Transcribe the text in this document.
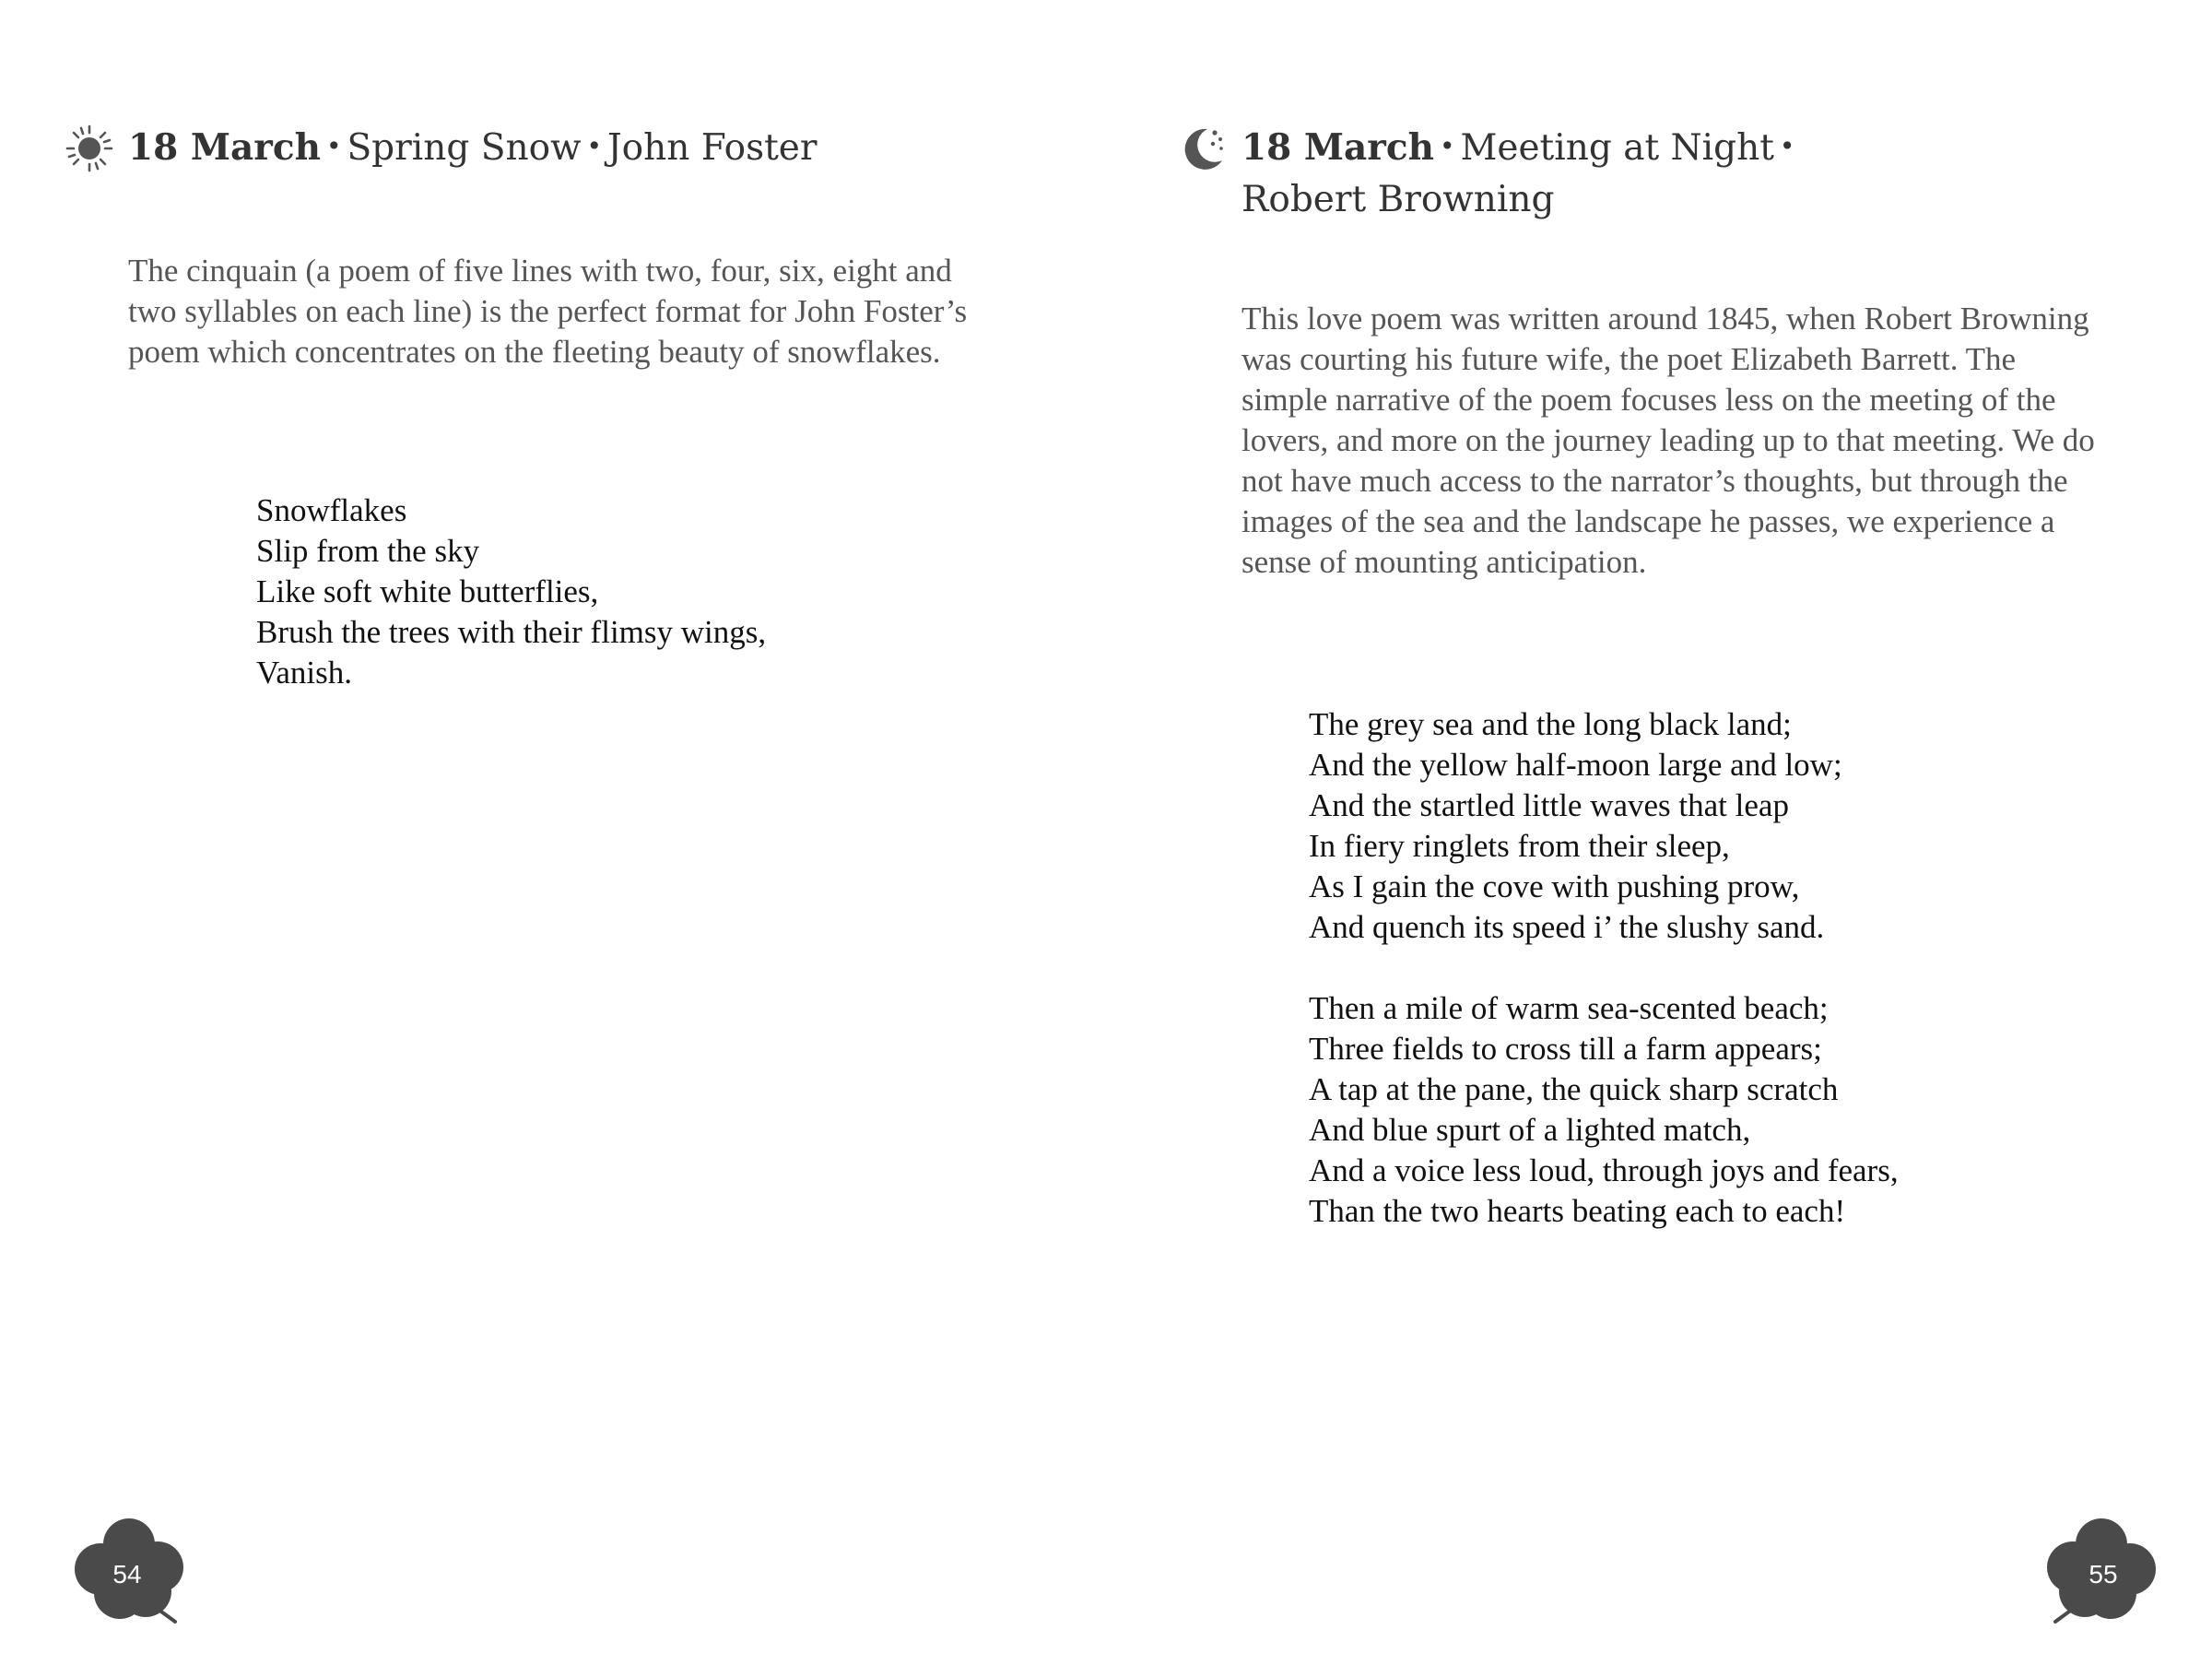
18 March • Spring Snow • John Foster

The cinquain (a poem of five lines with two, four, six, eight and two syllables on each line) is the perfect format for John Foster’s poem which concentrates on the fleeting beauty of snowflakes.

Snowflakes
Slip from the sky
Like soft white butterflies,
Brush the trees with their flimsy wings,
Vanish.
54
18 March • Meeting at Night •
Robert Browning

This love poem was written around 1845, when Robert Browning was courting his future wife, the poet Elizabeth Barrett. The simple narrative of the poem focuses less on the meeting of the lovers, and more on the journey leading up to that meeting. We do not have much access to the narrator’s thoughts, but through the images of the sea and the landscape he passes, we experience a sense of mounting anticipation.

The grey sea and the long black land;
And the yellow half-moon large and low;
And the startled little waves that leap
In fiery ringlets from their sleep,
As I gain the cove with pushing prow,
And quench its speed i’ the slushy sand.
Then a mile of warm sea-scented beach;
Three fields to cross till a farm appears;
A tap at the pane, the quick sharp scratch
And blue spurt of a lighted match,
And a voice less loud, through joys and fears,
Than the two hearts beating each to each!
55
